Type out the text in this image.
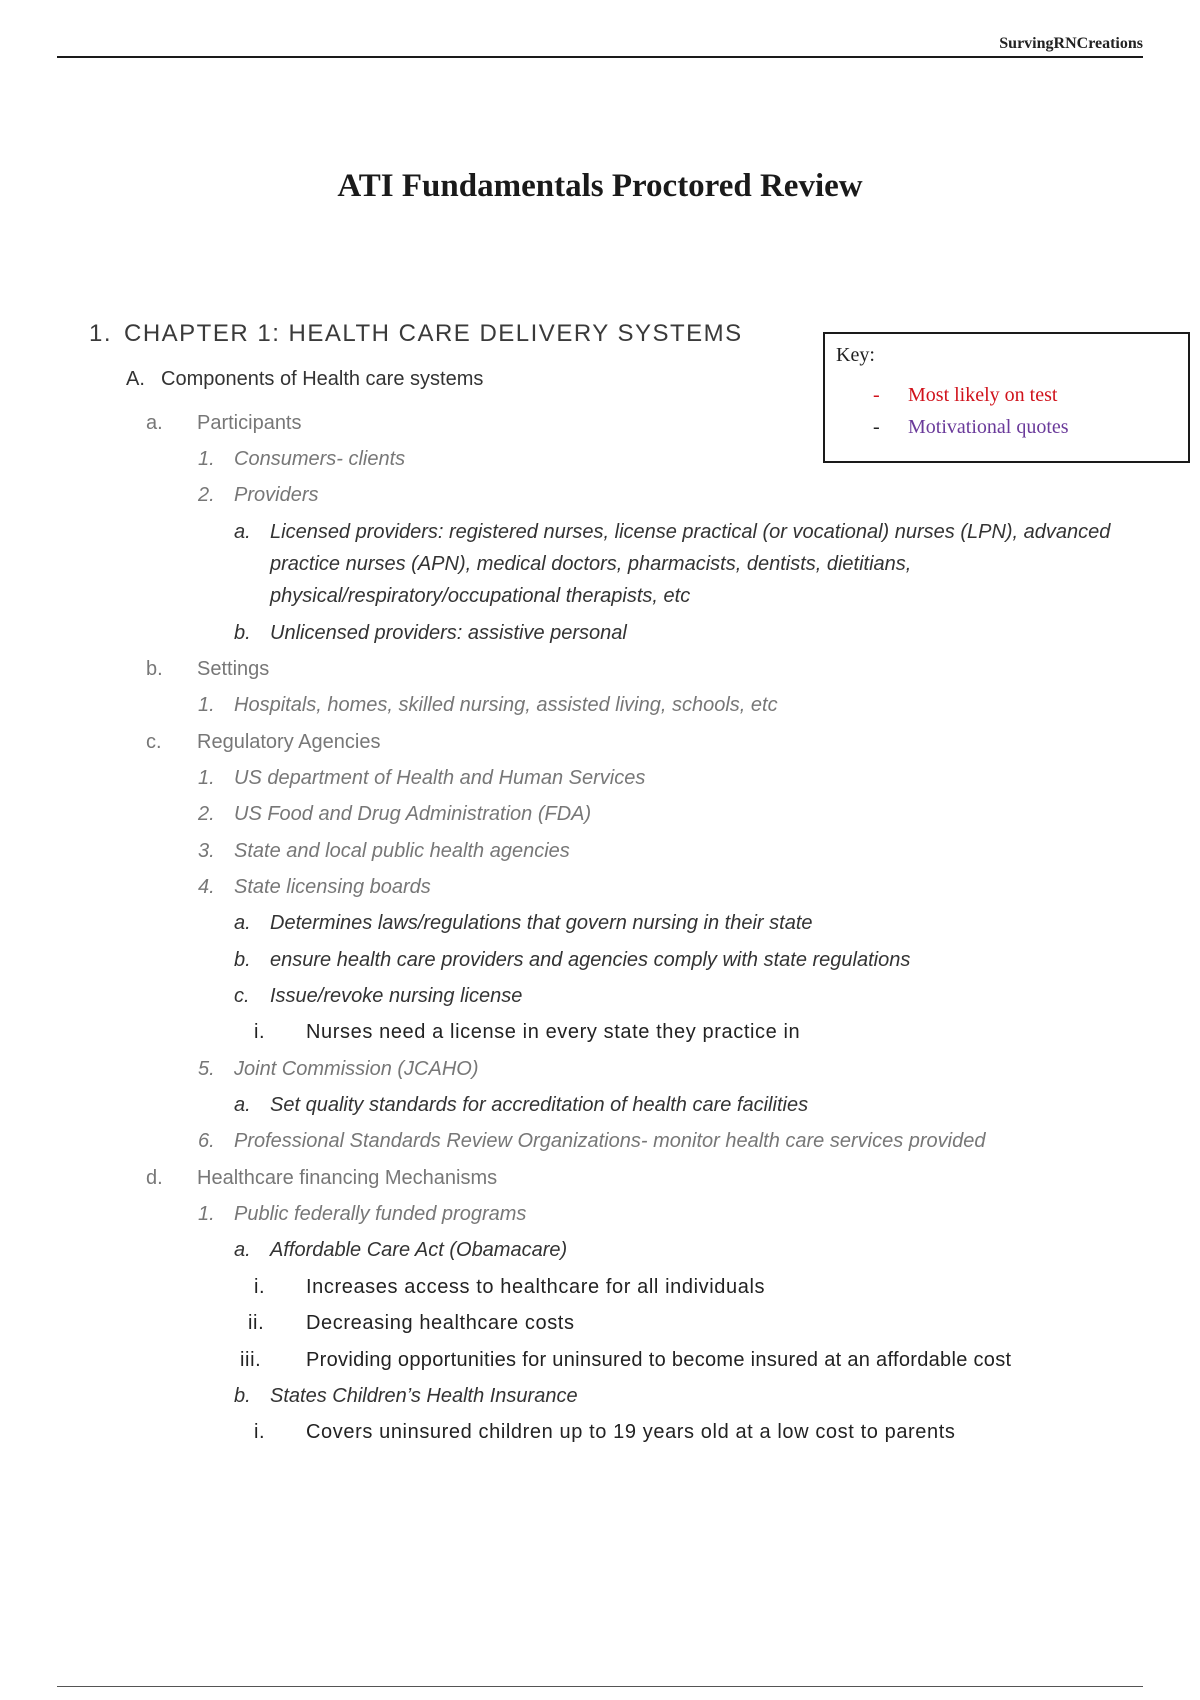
SurvingRNCreations
ATI Fundamentals Proctored Review
1. CHAPTER 1: HEALTH CARE DELIVERY SYSTEMS
Key:
- Most likely on test
- Motivational quotes
A. Components of Health care systems
a. Participants
1. Consumers- clients
2. Providers
a. Licensed providers: registered nurses, license practical (or vocational) nurses (LPN), advanced practice nurses (APN), medical doctors, pharmacists, dentists, dietitians, physical/respiratory/occupational therapists, etc
b. Unlicensed providers: assistive personal
b. Settings
1. Hospitals, homes, skilled nursing, assisted living, schools, etc
c. Regulatory Agencies
1. US department of Health and Human Services
2. US Food and Drug Administration (FDA)
3. State and local public health agencies
4. State licensing boards
a. Determines laws/regulations that govern nursing in their state
b. ensure health care providers and agencies comply with state regulations
c. Issue/revoke nursing license
i. Nurses need a license in every state they practice in
5. Joint Commission (JCAHO)
a. Set quality standards for accreditation of health care facilities
6. Professional Standards Review Organizations- monitor health care services provided
d. Healthcare financing Mechanisms
1. Public federally funded programs
a. Affordable Care Act (Obamacare)
i. Increases access to healthcare for all individuals
ii. Decreasing healthcare costs
iii. Providing opportunities for uninsured to become insured at an affordable cost
b. States Children’s Health Insurance
i. Covers uninsured children up to 19 years old at a low cost to parents
